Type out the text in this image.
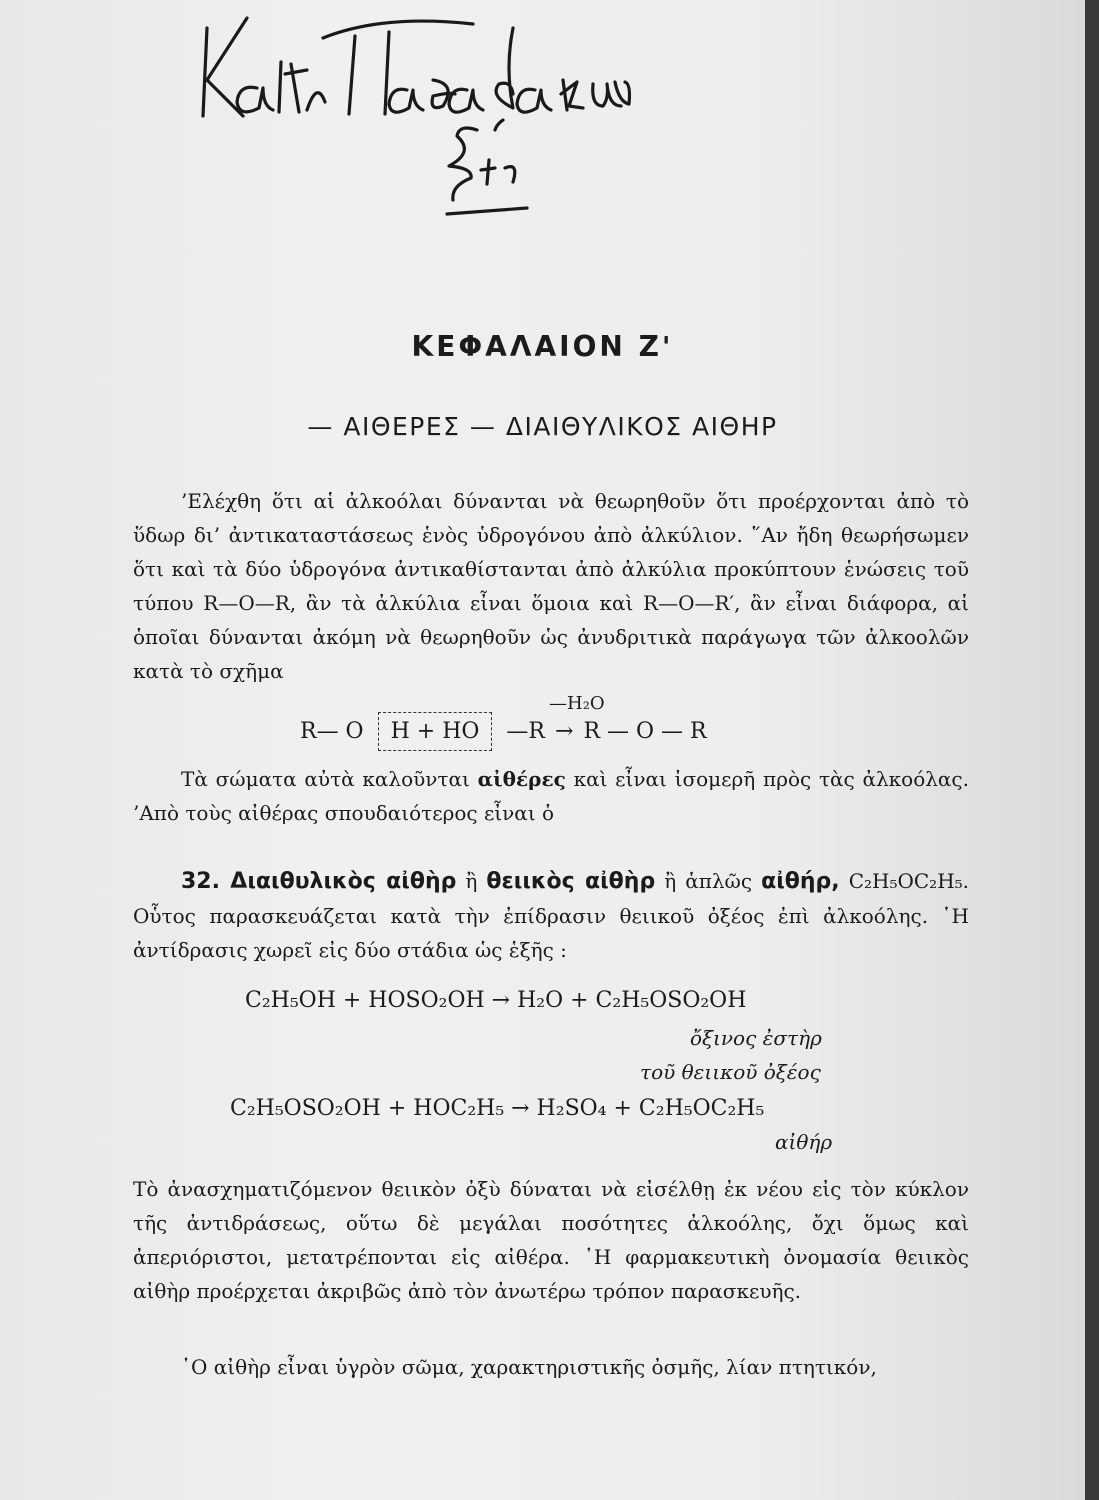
ΚΕΦΑΛΑΙΟΝ Ζ'
— ΑΙΘΕΡΕΣ — ΔΙΑΙΘΥΛΙΚΟΣ ΑΙΘΗΡ
’Ελέχθη ὅτι αἱ ἀλκοόλαι δύνανται νὰ θεωρηθοῦν ὅτι προέρχονται ἀπὸ τὸ ὕδωρ δι’ ἀντικαταστάσεως ἑνὸς ὑδρογόνου ἀπὸ ἀλκύλιον. ῞Αν ἤδη θεωρήσωμεν ὅτι καὶ τὰ δύο ὑδρογόνα ἀντικαθίστανται ἀπὸ ἀλκύλια προκύπτουν ἑνώσεις τοῦ τύπου R—O—R, ἂν τὰ ἀλκύλια εἶναι ὅμοια καὶ R—O—R′, ἂν εἶναι διάφορα, αἱ ὁποῖαι δύνανται ἀκόμη νὰ θεωρηθοῦν ὡς ἀνυδριτικὰ παράγωγα τῶν ἀλκοολῶν κατὰ τὸ σχῆμα
R— O	H + HO	—R
—H₂O
→ R — O — R
Τὰ σώματα αὐτὰ καλοῦνται αἰθέρες καὶ εἶναι ἰσομερῆ πρὸς τὰς ἀλκοόλας. ’Απὸ τοὺς αἰθέρας σπουδαιότερος εἶναι ὁ
32. Διαιθυλικὸς αἰθὴρ ἢ θειικὸς αἰθὴρ ἢ ἁπλῶς αἰθήρ, C₂H₅OC₂H₅. Οὗτος παρασκευάζεται κατὰ τὴν ἐπίδρασιν θειικοῦ ὀξέος ἐπὶ ἀλκοόλης. ῾Η ἀντίδρασις χωρεῖ εἰς δύο στάδια ὡς ἑξῆς :
C₂H₅OH + HOSO₂OH → H₂O + C₂H₅OSO₂OH
ὄξινος ἐστὴρ
τοῦ θειικοῦ ὀξέος
C₂H₅OSO₂OH + HOC₂H₅ → H₂SO₄ + C₂H₅OC₂H₅
αἰθήρ
Τὸ ἀνασχηματιζόμενον θειικὸν ὀξὺ δύναται νὰ εἰσέλθῃ ἐκ νέου εἰς τὸν κύκλον τῆς ἀντιδράσεως, οὕτω δὲ μεγάλαι ποσότητες ἀλκοόλης, ὄχι ὅμως καὶ ἀπεριόριστοι, μετατρέπονται εἰς αἰθέρα. ῾Η φαρμακευτικὴ ὀνομασία θειικὸς αἰθὴρ προέρχεται ἀκριβῶς ἀπὸ τὸν ἀνωτέρω τρόπον παρασκευῆς.
῾Ο αἰθὴρ εἶναι ὑγρὸν σῶμα, χαρακτηριστικῆς ὀσμῆς, λίαν πτητικόν,
